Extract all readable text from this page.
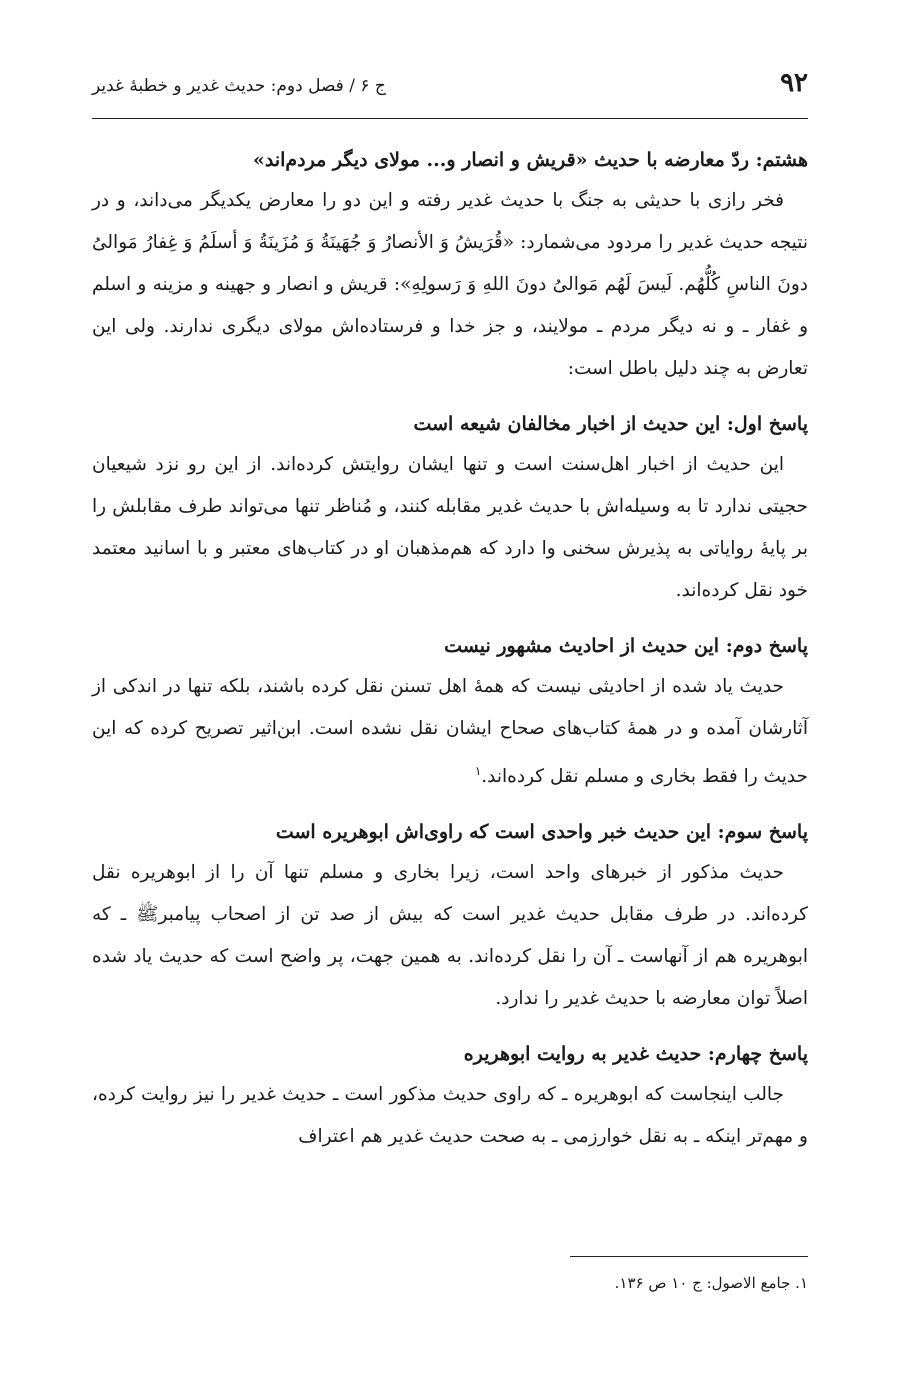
۹۲
ج ۶ / فصل دوم: حدیث غدیر و خطبهٔ غدیر
هشتم: ردّ معارضه با حدیث «قریش و انصار و... مولای دیگر مردم‌اند»

فخر رازی با حدیثی به جنگ با حدیث غدیر رفته و این دو را معارض یکدیگر می‌داند، و در نتیجه حدیث غدیر را مردود می‌شمارد: «قُرَیشُ وَ الأنصارُ وَ جُهَینَةُ وَ مُزَینَةُ وَ أسلَمُ وَ غِفارُ مَوالیُ دونَ الناسِ کُلُّهُم. لَیسَ لَهُم مَوالیُ دونَ اللهِ وَ رَسولِهِ»: قریش و انصار و جهینه و مزینه و اسلم و غفار ـ و نه دیگر مردم ـ مولایند، و جز خدا و فرستاده‌اش مولای دیگری ندارند. ولی این تعارض به چند دلیل باطل است:

پاسخ اول: این حدیث از اخبار مخالفان شیعه است

این حدیث از اخبار اهل‌سنت است و تنها ایشان روایتش کرده‌اند. از این رو نزد شیعیان حجیتی ندارد تا به وسیله‌اش با حدیث غدیر مقابله کنند، و مُناظر تنها می‌تواند طرف مقابلش را بر پایهٔ روایاتی به پذیرش سخنی وا دارد که هم‌مذهبان او در کتاب‌های معتبر و با اسانید معتمد خود نقل کرده‌اند.

پاسخ دوم: این حدیث از احادیث مشهور نیست

حدیث یاد شده از احادیثی نیست که همهٔ اهل تسنن نقل کرده باشند، بلکه تنها در اندکی از آثارشان آمده و در همهٔ کتاب‌های صحاح ایشان نقل نشده است. ابن‌اثیر تصریح کرده که این حدیث را فقط بخاری و مسلم نقل کرده‌اند.$^۱$

پاسخ سوم: این حدیث خبر واحدی است که راوی‌اش ابوهریره است

حدیث مذکور از خبرهای واحد است، زیرا بخاری و مسلم تنها آن را از ابوهریره نقل کرده‌اند. در طرف مقابل حدیث غدیر است که بیش از صد تن از اصحاب پیامبرﷺ ـ که ابوهریره هم از آنهاست ـ آن را نقل کرده‌اند. به همین جهت، پر واضح است که حدیث یاد شده اصلاً توان معارضه با حدیث غدیر را ندارد.

پاسخ چهارم: حدیث غدیر به روایت ابوهریره

جالب اینجاست که ابوهریره ـ که راوی حدیث مذکور است ـ حدیث غدیر را نیز روایت کرده، و مهم‌تر اینکه ـ به نقل خوارزمی ـ به صحت حدیث غدیر هم اعتراف

۱. جامع الاصول: ج ۱۰ ص ۱۳۶.
